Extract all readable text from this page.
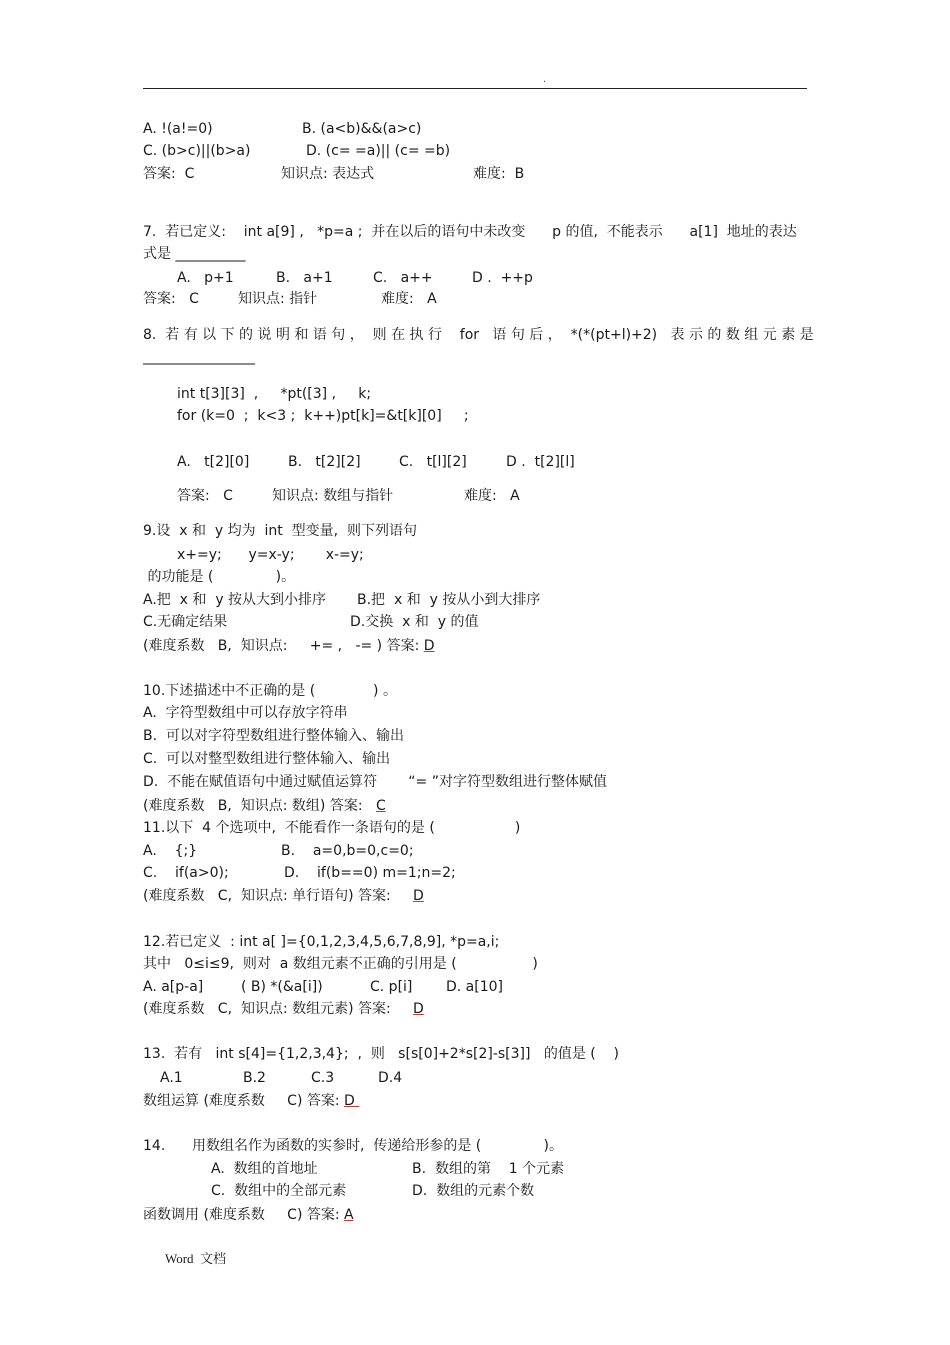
.
A. !(a!=0)	B. (a<b)&&(a>c)
C. (b>c)||(b>a)	D. (c= =a)|| (c= =b)
答案:  C	知识点: 表达式	难度:  B
7.  若已定义:    int a[9] ,   *p=a ;  并在以后的语句中未改变      p 的值,  不能表示      a[1]  地址的表达
式是 __________
A.   p+1	B.   a+1	C.   a++	D .  ++p
答案:   C	知识点: 指针	难度:   A
8.  若 有 以 下 的 说 明 和 语 句 ，  则 在 执 行    for   语 句 后 ，  *(*(pt+l)+2)   表 示 的 数 组 元 素 是
________________
int t[3][3]  ,     *pt([3] ,     k;
for (k=0  ;  k<3 ;  k++)pt[k]=&t[k][0]     ;
A.   t[2][0]	B.   t[2][2]	C.   t[l][2]	D .  t[2][l]
答案:   C	知识点: 数组与指针	难度:   A
9.设  x 和  y 均为  int  型变量,  则下列语句
x+=y;      y=x-y;       x-=y;
的功能是 (              )。
A.把  x 和  y 按从大到小排序 B.把  x 和  y 按从小到大排序
C.无确定结果	D.交换  x 和  y 的值
(难度系数   B,  知识点:     += ,   -= ) 答案: D
10.下述描述中不正确的是 (             ) 。
A.  字符型数组中可以存放字符串
B.  可以对字符型数组进行整体输入、输出
C.  可以对整型数组进行整体输入、输出
D.  不能在赋值语句中通过赋值运算符       “= ”对字符型数组进行整体赋值
(难度系数   B,  知识点: 数组) 答案: C
11.以下  4 个选项中,  不能看作一条语句的是 (                  )
A.    {;}	B.    a=0,b=0,c=0;
C.    if(a>0);	D.    if(b==0) m=1;n=2;
(难度系数   C,  知识点: 单行语句) 答案: D
12.若已定义  : int a[ ]={0,1,2,3,4,5,6,7,8,9], *p=a,i;
其中   0≤i≤9,  则对  a 数组元素不正确的引用是 (                 )
A. a[p-a]	( B) *(&a[i])	C. p[i] D. a[10]
(难度系数   C,  知识点: 数组元素) 答案: D
13.  若有   int s[4]={1,2,3,4};  ,  则   s[s[0]+2*s[2]-s[3]]   的值是 (    )
A.1	B.2	C.3	D.4
数组运算 (难度系数     C) 答案: D
14.      用数组名作为函数的实参时,  传递给形参的是 (              )。
A.  数组的首地址	B.  数组的第    1 个元素
C.  数组中的全部元素	D.  数组的元素个数
函数调用 (难度系数     C) 答案: A
Word  文档
